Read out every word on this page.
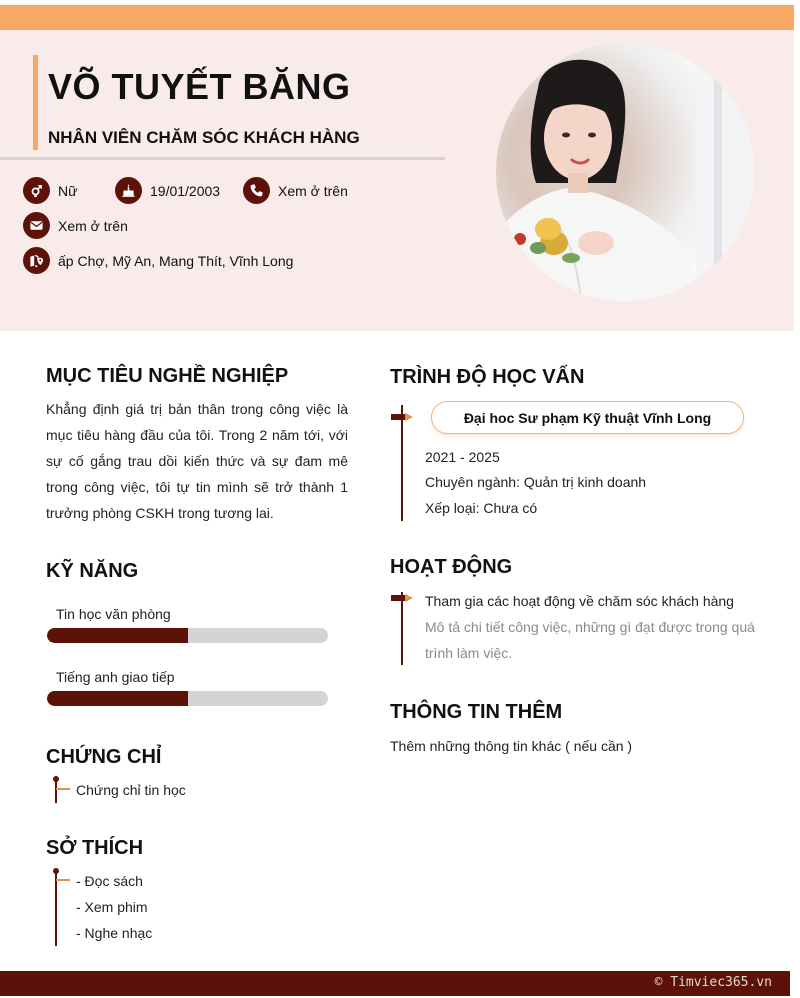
VÕ TUYẾT BĂNG
NHÂN VIÊN CHĂM SÓC KHÁCH HÀNG
Nữ	19/01/2003	Xem ở trên
Xem ở trên
ấp Chợ, Mỹ An, Mang Thít, Vĩnh Long
MỤC TIÊU NGHỀ NGHIỆP
Khẳng định giá trị bản thân trong công việc là
mục tiêu hàng đầu của tôi. Trong 2 năm tới, với
sự cố gắng trau dồi kiến thức và sự đam mê
trong công việc, tôi tự tin mình sẽ trở thành 1
trưởng phòng CSKH trong tương lai.
KỸ NĂNG
Tin học văn phòng
Tiếng anh giao tiếp
CHỨNG CHỈ
Chứng chỉ tin học
SỞ THÍCH
- Đọc sách
- Xem phim
- Nghe nhạc
TRÌNH ĐỘ HỌC VẤN
Đại hoc Sư phạm Kỹ thuật Vĩnh Long
2021 - 2025
Chuyên ngành: Quản trị kinh doanh
Xếp loại: Chưa có
HOẠT ĐỘNG
Tham gia các hoạt động về chăm sóc khách hàng
Mô tả chi tiết công việc, những gì đạt được trong quá
trình làm việc.
THÔNG TIN THÊM
Thêm những thông tin khác ( nếu cần )
© Timviec365.vn
